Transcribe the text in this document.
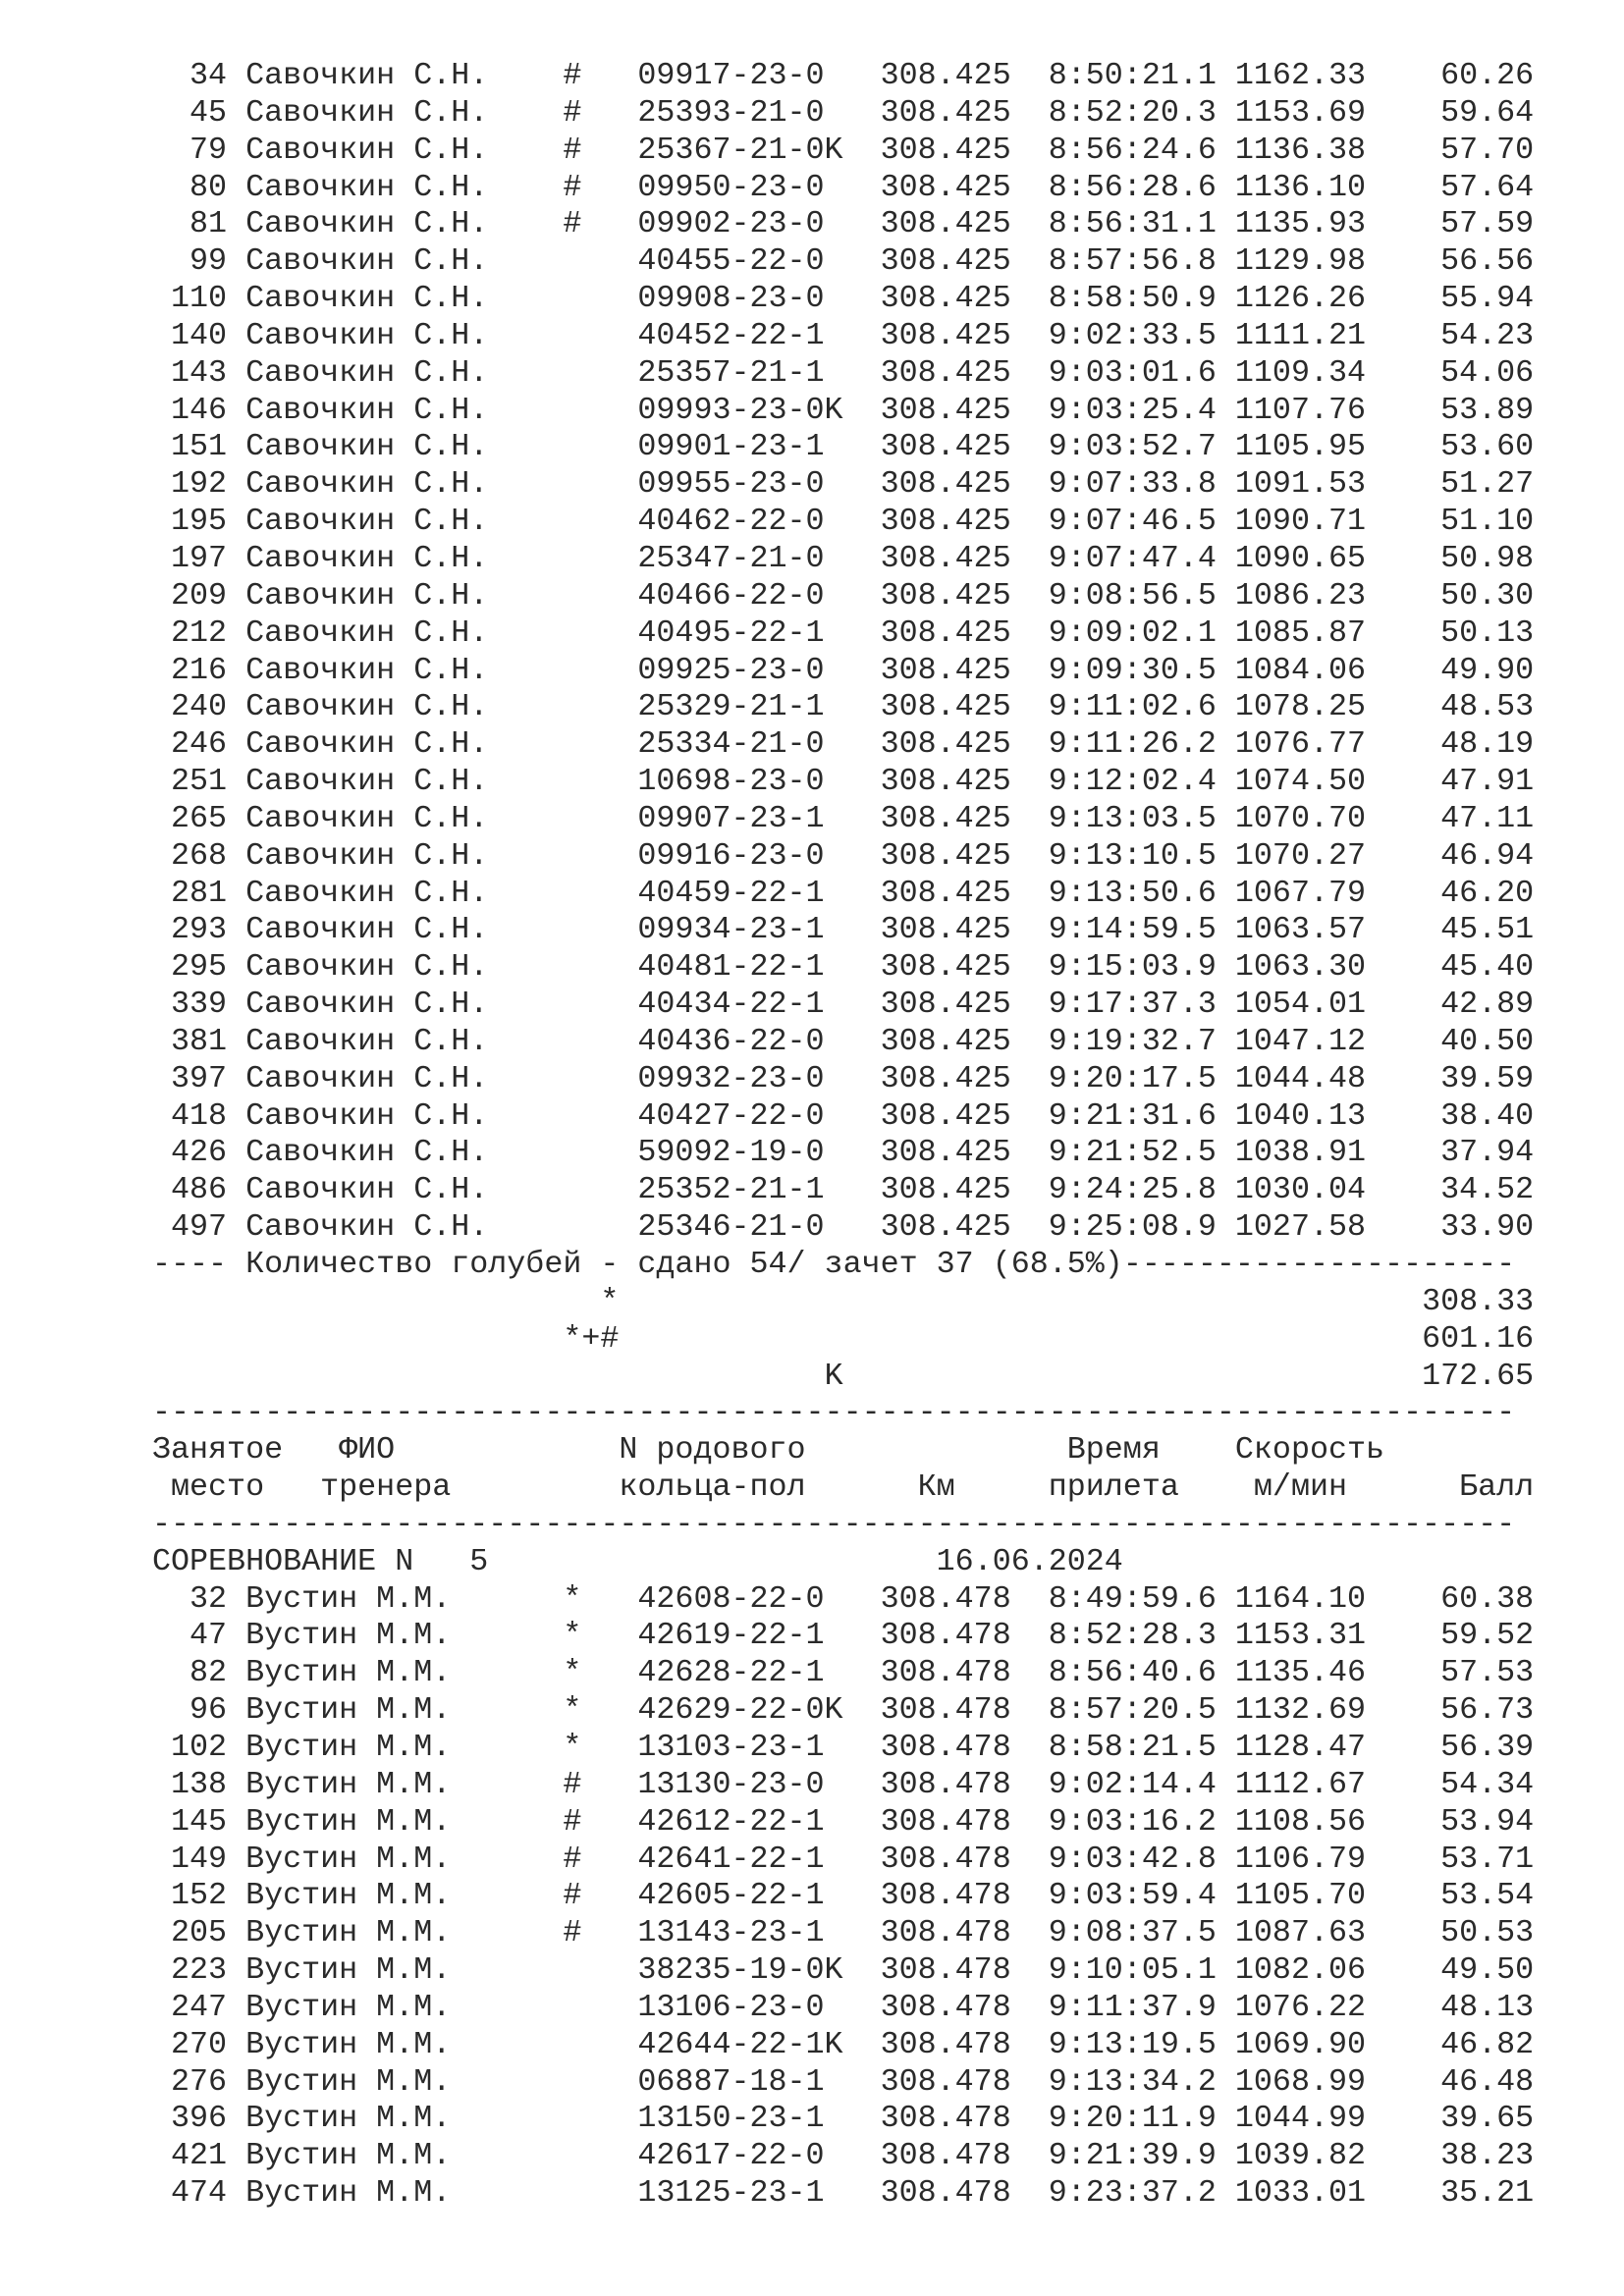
34 Савочкин С.Н. # 09917-23-0 308.425 8:50:21.1 1162.33 60.26
45 Савочкин С.Н. # 25393-21-0 308.425 8:52:20.3 1153.69 59.64
79 Савочкин С.Н. # 25367-21-0K 308.425 8:56:24.6 1136.38 57.70
80 Савочкин С.Н. # 09950-23-0 308.425 8:56:28.6 1136.10 57.64
81 Савочкин С.Н. # 09902-23-0 308.425 8:56:31.1 1135.93 57.59
99 Савочкин С.Н.	40455-22-0 308.425 8:57:56.8 1129.98 56.56
110 Савочкин С.Н.	09908-23-0 308.425 8:58:50.9 1126.26 55.94
140 Савочкин С.Н.	40452-22-1 308.425 9:02:33.5 1111.21 54.23
143 Савочкин С.Н.	25357-21-1 308.425 9:03:01.6 1109.34 54.06
146 Савочкин С.Н.	09993-23-0K 308.425 9:03:25.4 1107.76 53.89
151 Савочкин С.Н.	09901-23-1 308.425 9:03:52.7 1105.95 53.60
192 Савочкин С.Н.	09955-23-0 308.425 9:07:33.8 1091.53 51.27
195 Савочкин С.Н.	40462-22-0 308.425 9:07:46.5 1090.71 51.10
197 Савочкин С.Н.	25347-21-0 308.425 9:07:47.4 1090.65 50.98
209 Савочкин С.Н.	40466-22-0 308.425 9:08:56.5 1086.23 50.30
212 Савочкин С.Н.	40495-22-1 308.425 9:09:02.1 1085.87 50.13
216 Савочкин С.Н.	09925-23-0 308.425 9:09:30.5 1084.06 49.90
240 Савочкин С.Н.	25329-21-1 308.425 9:11:02.6 1078.25 48.53
246 Савочкин С.Н.	25334-21-0 308.425 9:11:26.2 1076.77 48.19
251 Савочкин С.Н.	10698-23-0 308.425 9:12:02.4 1074.50 47.91
265 Савочкин С.Н.	09907-23-1 308.425 9:13:03.5 1070.70 47.11
268 Савочкин С.Н.	09916-23-0 308.425 9:13:10.5 1070.27 46.94
281 Савочкин С.Н.	40459-22-1 308.425 9:13:50.6 1067.79 46.20
293 Савочкин С.Н.	09934-23-1 308.425 9:14:59.5 1063.57 45.51
295 Савочкин С.Н.	40481-22-1 308.425 9:15:03.9 1063.30 45.40
339 Савочкин С.Н.	40434-22-1 308.425 9:17:37.3 1054.01 42.89
381 Савочкин С.Н.	40436-22-0 308.425 9:19:32.7 1047.12 40.50
397 Савочкин С.Н.	09932-23-0 308.425 9:20:17.5 1044.48 39.59
418 Савочкин С.Н.	40427-22-0 308.425 9:21:31.6 1040.13 38.40
426 Савочкин С.Н.	59092-19-0 308.425 9:21:52.5 1038.91 37.94
486 Савочкин С.Н.	25352-21-1 308.425 9:24:25.8 1030.04 34.52
497 Савочкин С.Н.	25346-21-0 308.425 9:25:08.9 1027.58 33.90
---- Количество голубей - сдано 54/ зачет 37 (68.5%)---------------------
*	308.33
*+#	601.16
K	172.65
-------------------------------------------------------------------------
Занятое ФИО	N родового	Время Скорость
место тренера	кольца-пол	Км	прилета м/мин	Балл
-------------------------------------------------------------------------
СОРЕВНОВАНИЕ N 5	16.06.2024
32 Вустин М.М.	* 42608-22-0 308.478 8:49:59.6 1164.10 60.38
47 Вустин М.М.	* 42619-22-1 308.478 8:52:28.3 1153.31 59.52
82 Вустин М.М.	* 42628-22-1 308.478 8:56:40.6 1135.46 57.53
96 Вустин М.М.	* 42629-22-0K 308.478 8:57:20.5 1132.69 56.73
102 Вустин М.М.	* 13103-23-1 308.478 8:58:21.5 1128.47 56.39
138 Вустин М.М.	# 13130-23-0 308.478 9:02:14.4 1112.67 54.34
145 Вустин М.М.	# 42612-22-1 308.478 9:03:16.2 1108.56 53.94
149 Вустин М.М.	# 42641-22-1 308.478 9:03:42.8 1106.79 53.71
152 Вустин М.М.	# 42605-22-1 308.478 9:03:59.4 1105.70 53.54
205 Вустин М.М.	# 13143-23-1 308.478 9:08:37.5 1087.63 50.53
223 Вустин М.М.	38235-19-0K 308.478 9:10:05.1 1082.06 49.50
247 Вустин М.М.	13106-23-0 308.478 9:11:37.9 1076.22 48.13
270 Вустин М.М.	42644-22-1K 308.478 9:13:19.5 1069.90 46.82
276 Вустин М.М.	06887-18-1 308.478 9:13:34.2 1068.99 46.48
396 Вустин М.М.	13150-23-1 308.478 9:20:11.9 1044.99 39.65
421 Вустин М.М.	42617-22-0 308.478 9:21:39.9 1039.82 38.23
474 Вустин М.М.	13125-23-1 308.478 9:23:37.2 1033.01 35.21
